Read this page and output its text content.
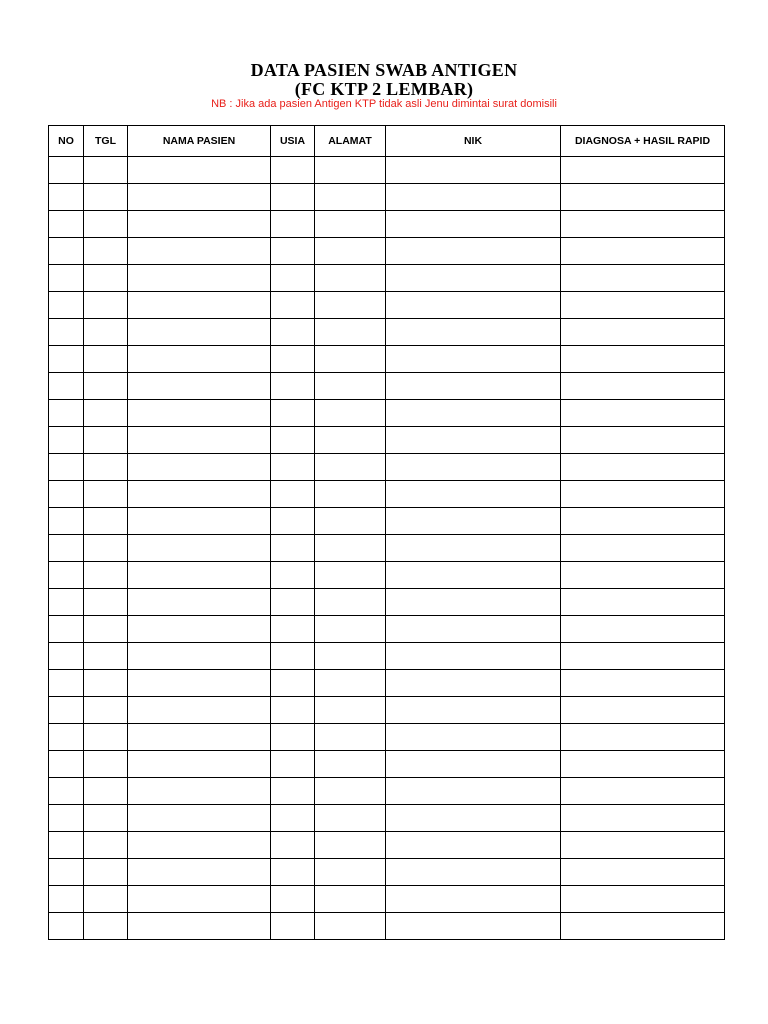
DATA PASIEN SWAB ANTIGEN
(FC KTP 2 LEMBAR)
NB : Jika ada pasien Antigen KTP tidak asli Jenu dimintai surat domisili
NO	TGL	NAMA PASIEN	USIA	ALAMAT	NIK	DIAGNOSA + HASIL RAPID
